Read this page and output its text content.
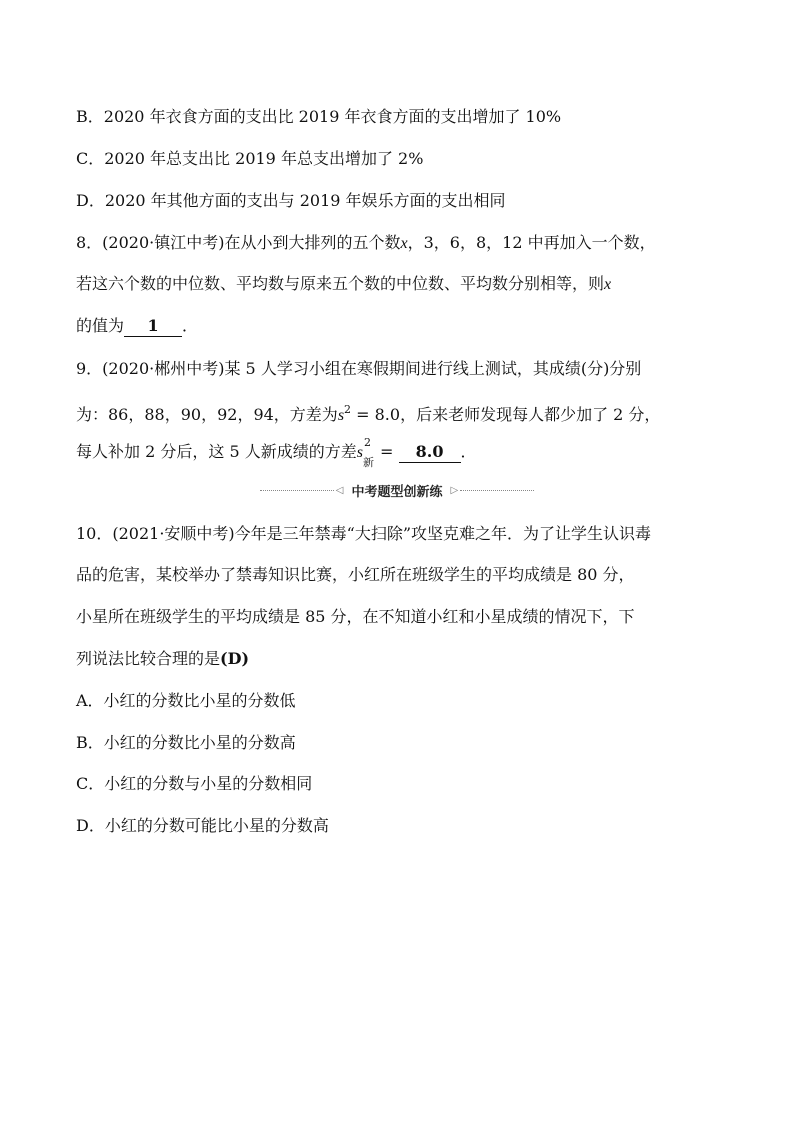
B．2020 年衣食方面的支出比 2019 年衣食方面的支出增加了 10%
C．2020 年总支出比 2019 年总支出增加了 2%
D．2020 年其他方面的支出与 2019 年娱乐方面的支出相同
8．(2020·镇江中考)在从小到大排列的五个数x，3，6，8，12 中再加入一个数，
若这六个数的中位数、平均数与原来五个数的中位数、平均数分别相等，则x
的值为 1 ．
9．(2020·郴州中考)某 5 人学习小组在寒假期间进行线上测试，其成绩(分)分别
为：86，88，90，92，94，方差为$s^2 = 8.0$，后来老师发现每人都少加了 2 分，
每人补加 2 分后，这 5 人新成绩的方差s
2
新
= 8.0 ．
◁ 中考题型创新练 ▷
10．(2021·安顺中考)今年是三年禁毒“大扫除”攻坚克难之年．为了让学生认识毒
品的危害，某校举办了禁毒知识比赛，小红所在班级学生的平均成绩是 80 分，
小星所在班级学生的平均成绩是 85 分，在不知道小红和小星成绩的情况下，下
列说法比较合理的是(D)
A．小红的分数比小星的分数低
B．小红的分数比小星的分数高
C．小红的分数与小星的分数相同
D．小红的分数可能比小星的分数高
